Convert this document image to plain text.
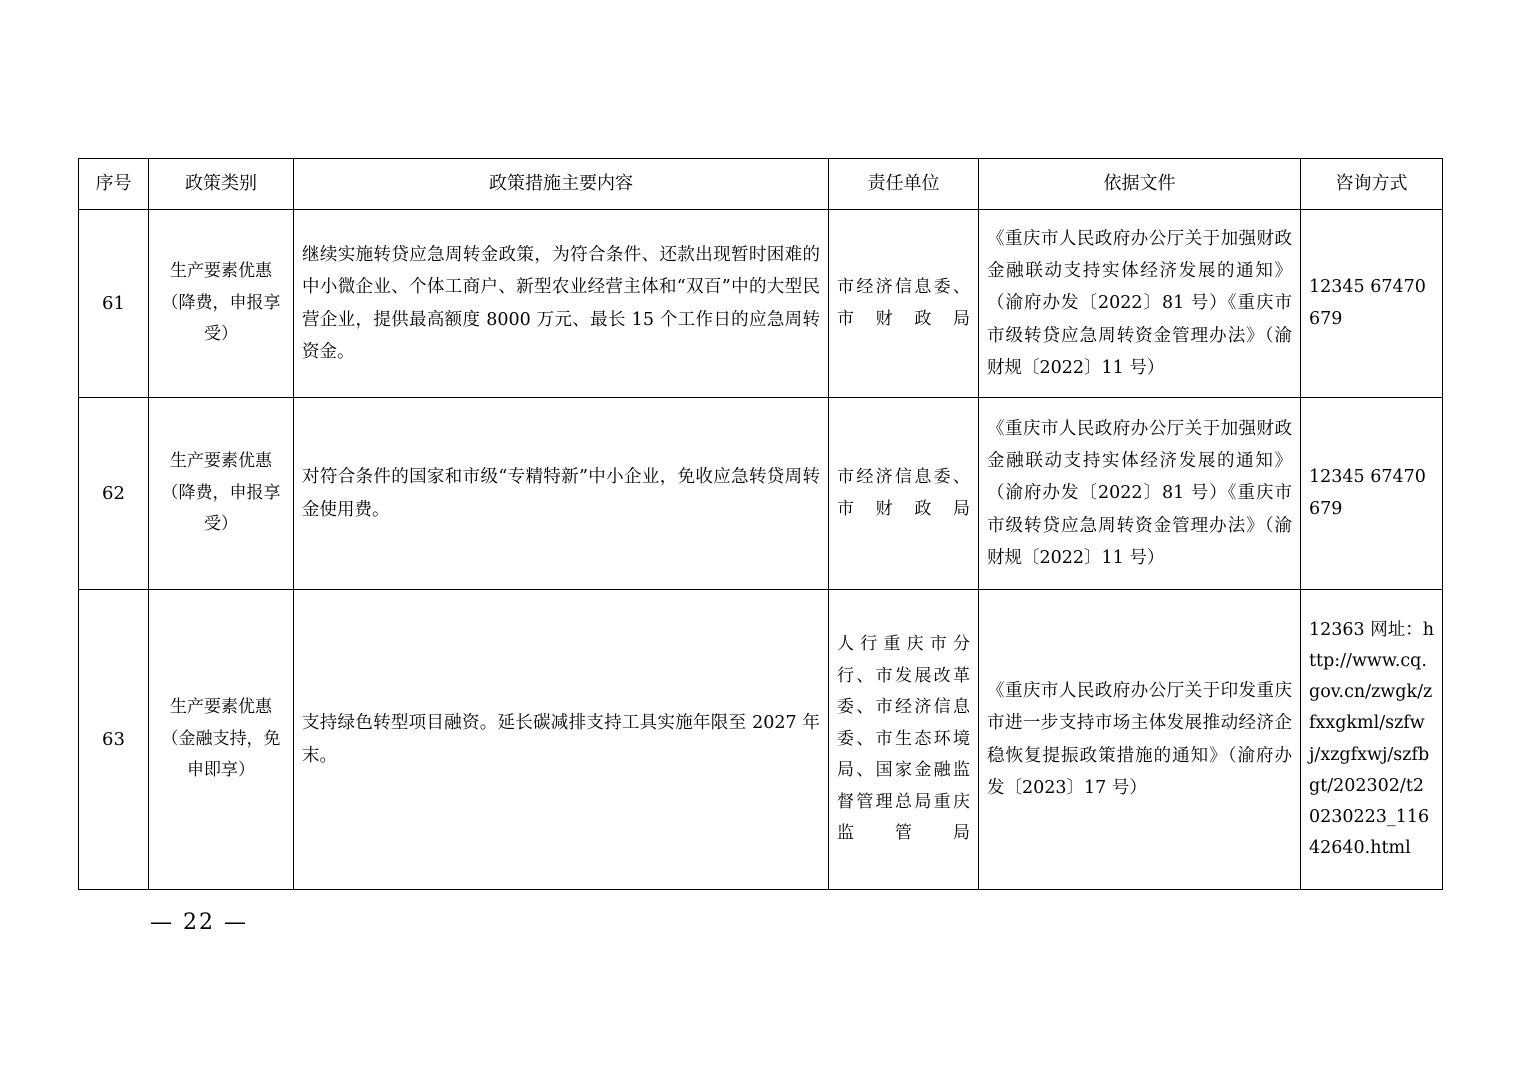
序号	政策类别	政策措施主要内容	责任单位	依据文件	咨询方式
61	生产要素优惠（降费，申报享受）	继续实施转贷应急周转金政策，为符合条件、还款出现暂时困难的中小微企业、个体工商户、新型农业经营主体和“双百”中的大型民营企业，提供最高额度 8000 万元、最长 15 个工作日的应急周转资金。	市经济信息委、市财政局	《重庆市人民政府办公厅关于加强财政金融联动支持实体经济发展的通知》（渝府办发〔2022〕81 号）《重庆市市级转贷应急周转资金管理办法》（渝财规〔2022〕11 号）	12345 67470679
62	生产要素优惠（降费，申报享受）	对符合条件的国家和市级“专精特新”中小企业，免收应急转贷周转金使用费。	市经济信息委、市财政局	《重庆市人民政府办公厅关于加强财政金融联动支持实体经济发展的通知》（渝府办发〔2022〕81 号）《重庆市市级转贷应急周转资金管理办法》（渝财规〔2022〕11 号）	12345 67470679
63	生产要素优惠（金融支持，免申即享）	支持绿色转型项目融资。延长碳减排支持工具实施年限至 2027 年末。	人行重庆市分行、市发展改革委、市经济信息委、市生态环境局、国家金融监督管理总局重庆监管局	《重庆市人民政府办公厅关于印发重庆市进一步支持市场主体发展推动经济企稳恢复提振政策措施的通知》（渝府办发〔2023〕17 号）	12363 网址：http://www.cq.gov.cn/zwgk/zfxxgkml/szfwj/xzgfxwj/szfbgt/202302/t20230223_11642640.html
— 22 —
